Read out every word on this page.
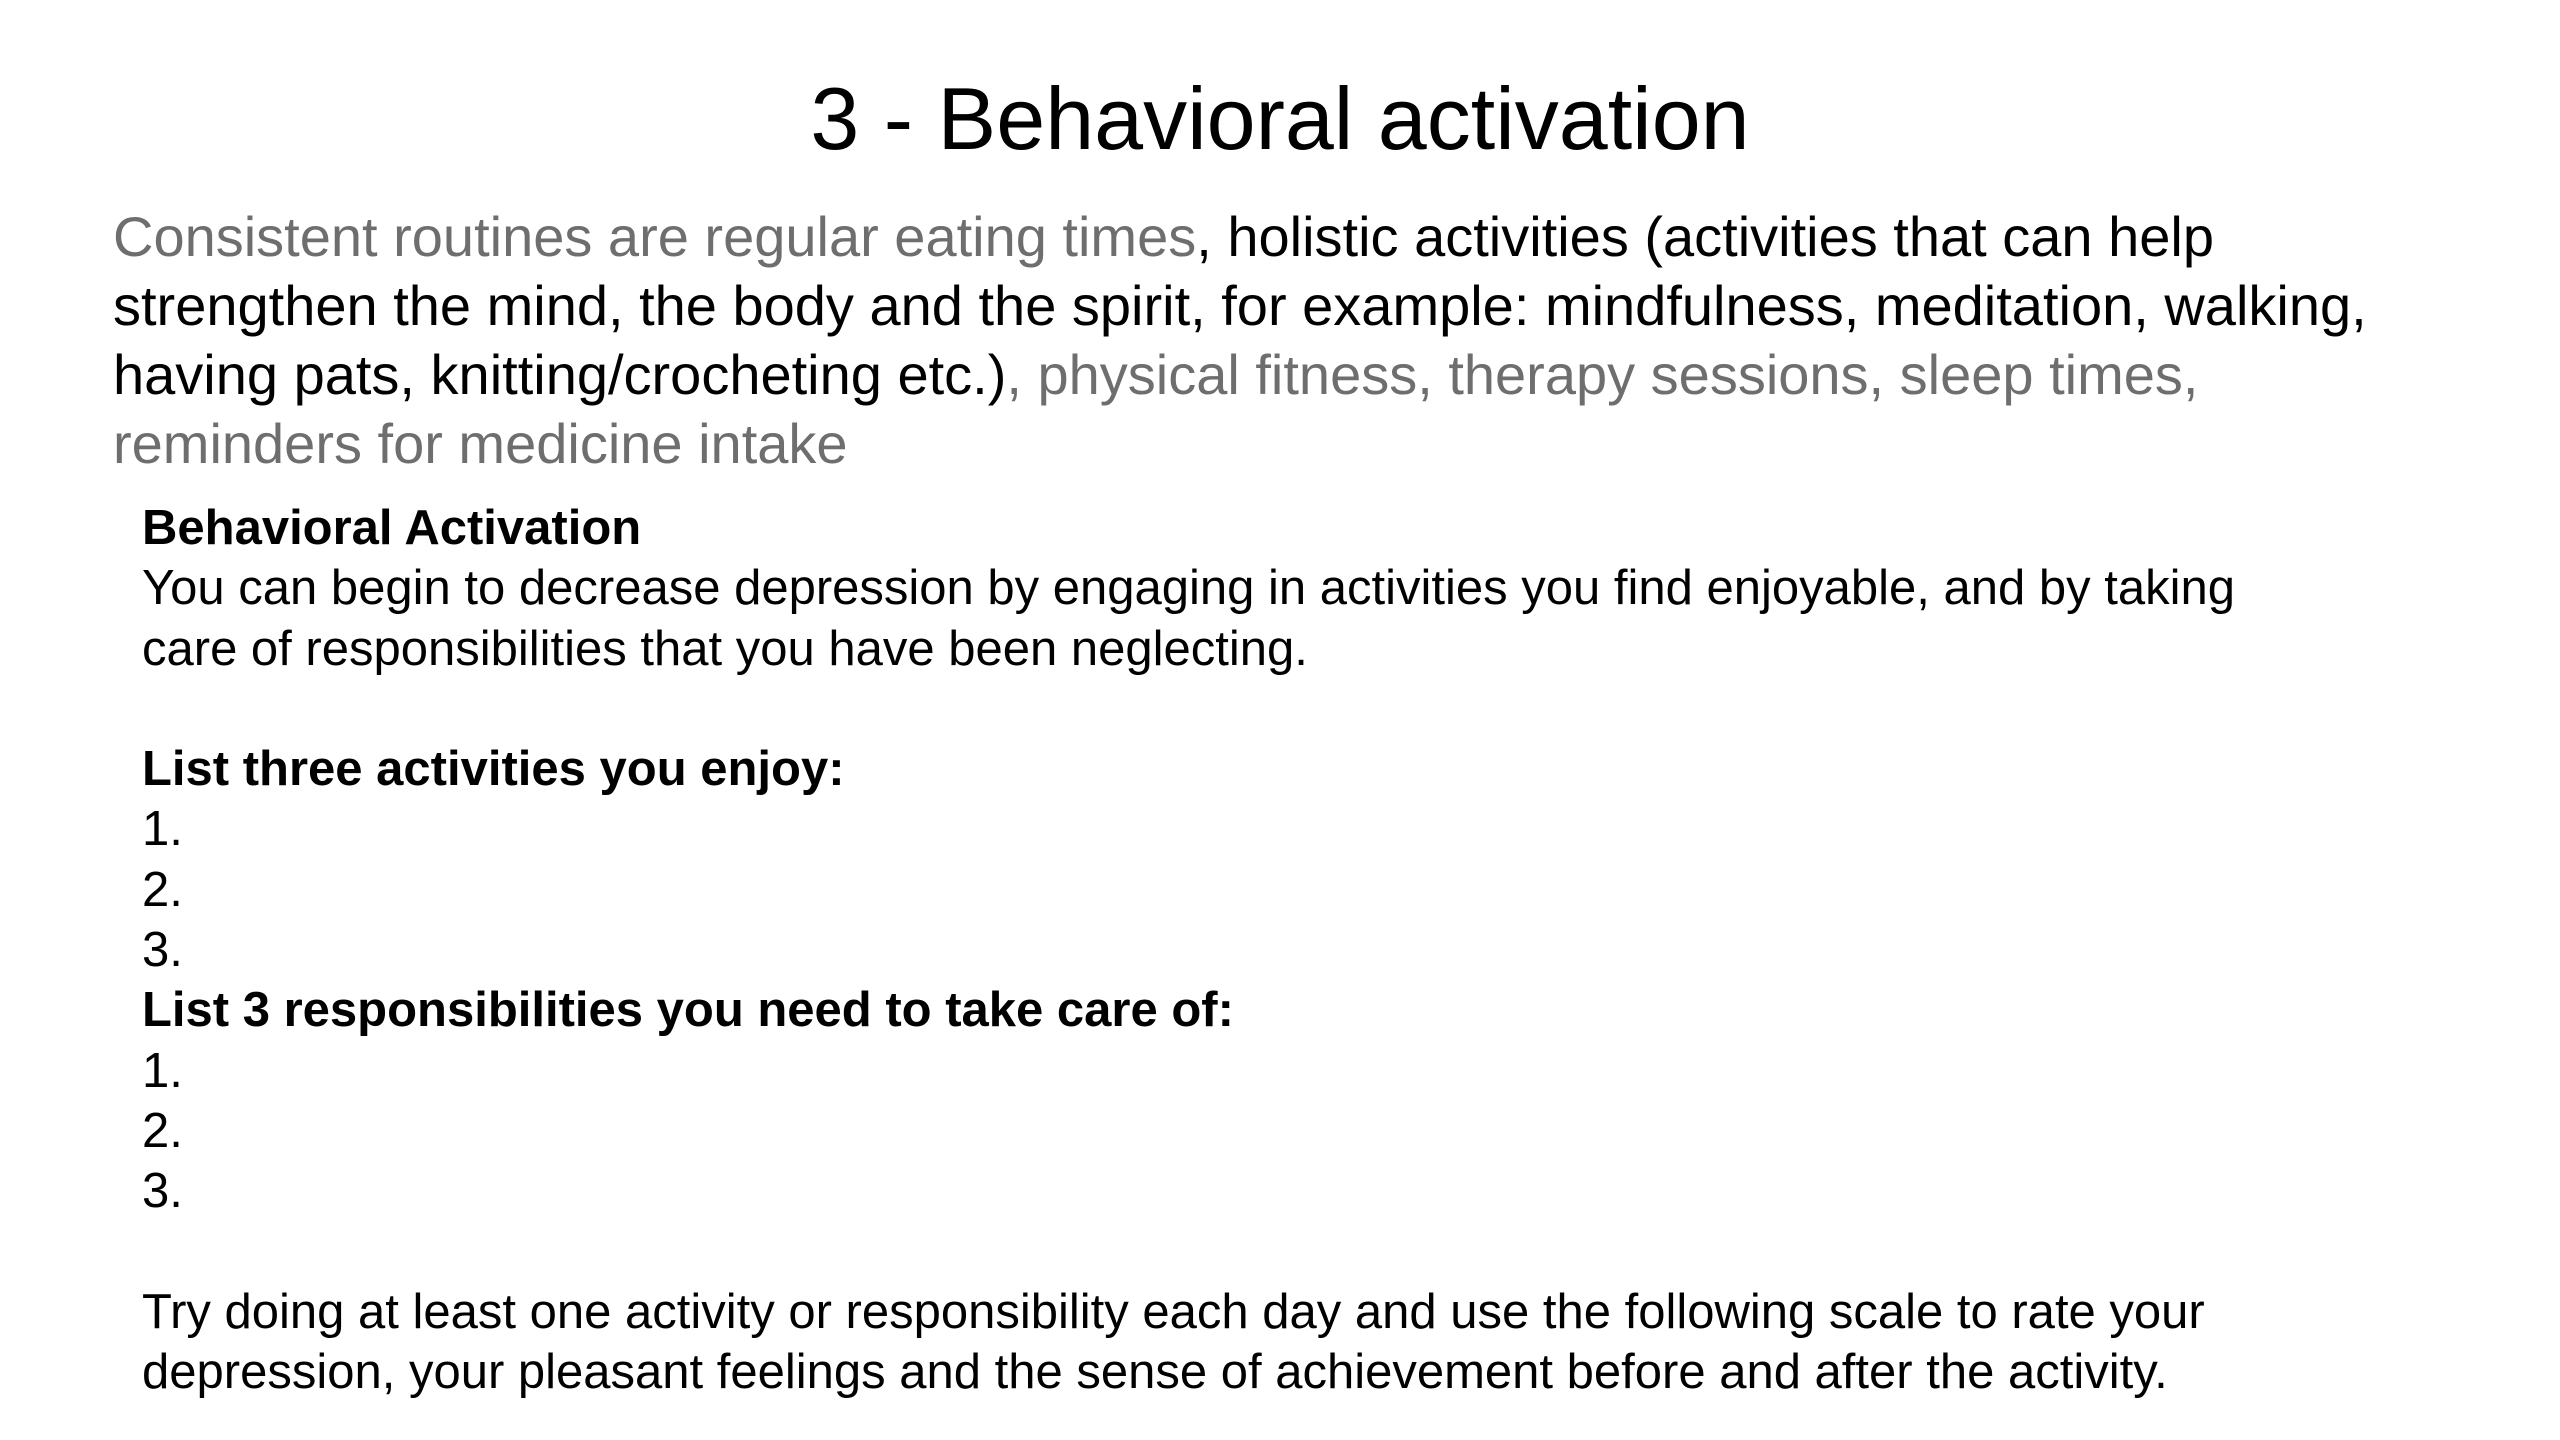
3 - Behavioral activation

Consistent routines are regular eating times, holistic activities (activities that can help strengthen the mind, the body and the spirit, for example: mindfulness, meditation, walking, having pats, knitting/crocheting etc.), physical fitness, therapy sessions, sleep times, reminders for medicine intake

Behavioral Activation
You can begin to decrease depression by engaging in activities you find enjoyable, and by taking
care of responsibilities that you have been neglecting.
List three activities you enjoy:
1.
2.
3.
List 3 responsibilities you need to take care of:
1.
2.
3.
Try doing at least one activity or responsibility each day and use the following scale to rate your
depression, your pleasant feelings and the sense of achievement before and after the activity.
